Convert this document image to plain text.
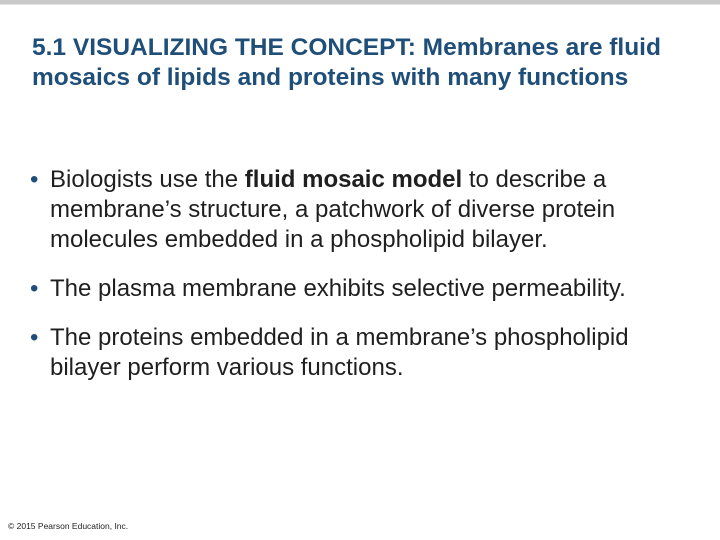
5.1 VISUALIZING THE CONCEPT: Membranes are fluid mosaics of lipids and proteins with many functions
• Biologists use the fluid mosaic model to describe a membrane’s structure, a patchwork of diverse protein molecules embedded in a phospholipid bilayer.
• The plasma membrane exhibits selective permeability.
• The proteins embedded in a membrane’s phospholipid bilayer perform various functions.
© 2015 Pearson Education, Inc.
